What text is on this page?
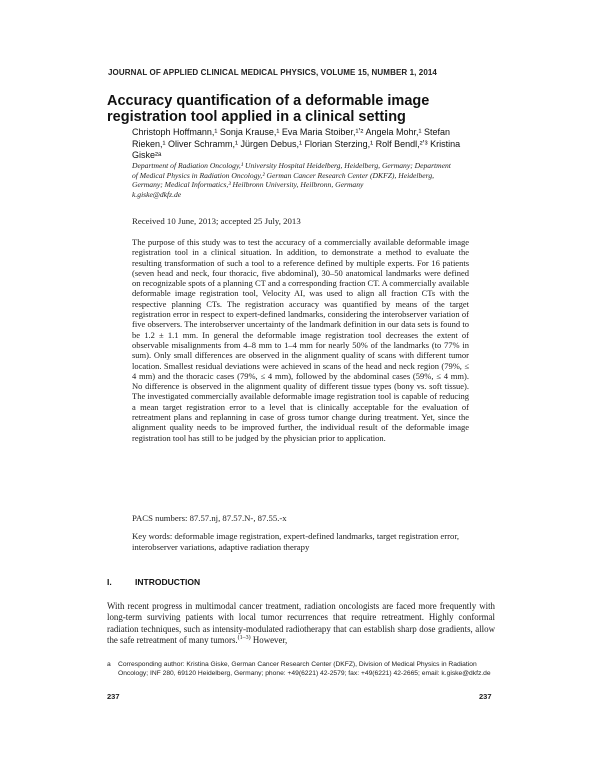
JOURNAL OF APPLIED CLINICAL MEDICAL PHYSICS, VOLUME 15, NUMBER 1, 2014
Accuracy quantification of a deformable image registration tool applied in a clinical setting
Christoph Hoffmann,¹ Sonja Krause,¹ Eva Maria Stoiber,¹ʼ² Angela Mohr,¹ Stefan Rieken,¹ Oliver Schramm,¹ Jürgen Debus,¹ Florian Sterzing,¹ Rolf Bendl,²ʼ³ Kristina Giske²ᵃ
Department of Radiation Oncology,¹ University Hospital Heidelberg, Heidelberg, Germany; Department of Medical Physics in Radiation Oncology,² German Cancer Research Center (DKFZ), Heidelberg, Germany; Medical Informatics,³ Heilbronn University, Heilbronn, Germany
k.giske@dkfz.de
Received 10 June, 2013; accepted 25 July, 2013
The purpose of this study was to test the accuracy of a commercially available deformable image registration tool in a clinical situation. In addition, to demonstrate a method to evaluate the resulting transformation of such a tool to a reference defined by multiple experts. For 16 patients (seven head and neck, four thoracic, five abdominal), 30–50 anatomical landmarks were defined on recognizable spots of a planning CT and a corresponding fraction CT. A commercially available deformable image registration tool, Velocity AI, was used to align all fraction CTs with the respective planning CTs. The registration accuracy was quantified by means of the target registration error in respect to expert-defined landmarks, considering the interobserver variation of five observers. The interobserver uncertainty of the landmark definition in our data sets is found to be 1.2 ± 1.1 mm. In general the deformable image registration tool decreases the extent of observable misalignments from 4–8 mm to 1–4 mm for nearly 50% of the landmarks (to 77% in sum). Only small differences are observed in the alignment quality of scans with different tumor location. Smallest residual deviations were achieved in scans of the head and neck region (79%, ≤ 4 mm) and the thoracic cases (79%, ≤ 4 mm), followed by the abdominal cases (59%, ≤ 4 mm). No difference is observed in the alignment quality of different tissue types (bony vs. soft tissue). The investigated commercially available deformable image registration tool is capable of reducing a mean target registration error to a level that is clinically acceptable for the evaluation of retreatment plans and replanning in case of gross tumor change during treatment. Yet, since the alignment quality needs to be improved further, the individual result of the deformable image registration tool has still to be judged by the physician prior to application.
PACS numbers: 87.57.nj, 87.57.N-, 87.55.-x
Key words: deformable image registration, expert-defined landmarks, target registration error, interobserver variations, adaptive radiation therapy
I.	INTRODUCTION
With recent progress in multimodal cancer treatment, radiation oncologists are faced more frequently with long-term surviving patients with local tumor recurrences that require retreatment. Highly conformal radiation techniques, such as intensity-modulated radiotherapy that can establish sharp dose gradients, allow the safe retreatment of many tumors.$^{(1-3)}$ However,
a Corresponding author: Kristina Giske, German Cancer Research Center (DKFZ), Division of Medical Physics in Radiation Oncology; INF 280, 69120 Heidelberg, Germany; phone: +49(6221) 42-2579; fax: +49(6221) 42-2665; email: k.giske@dkfz.de
237	237
